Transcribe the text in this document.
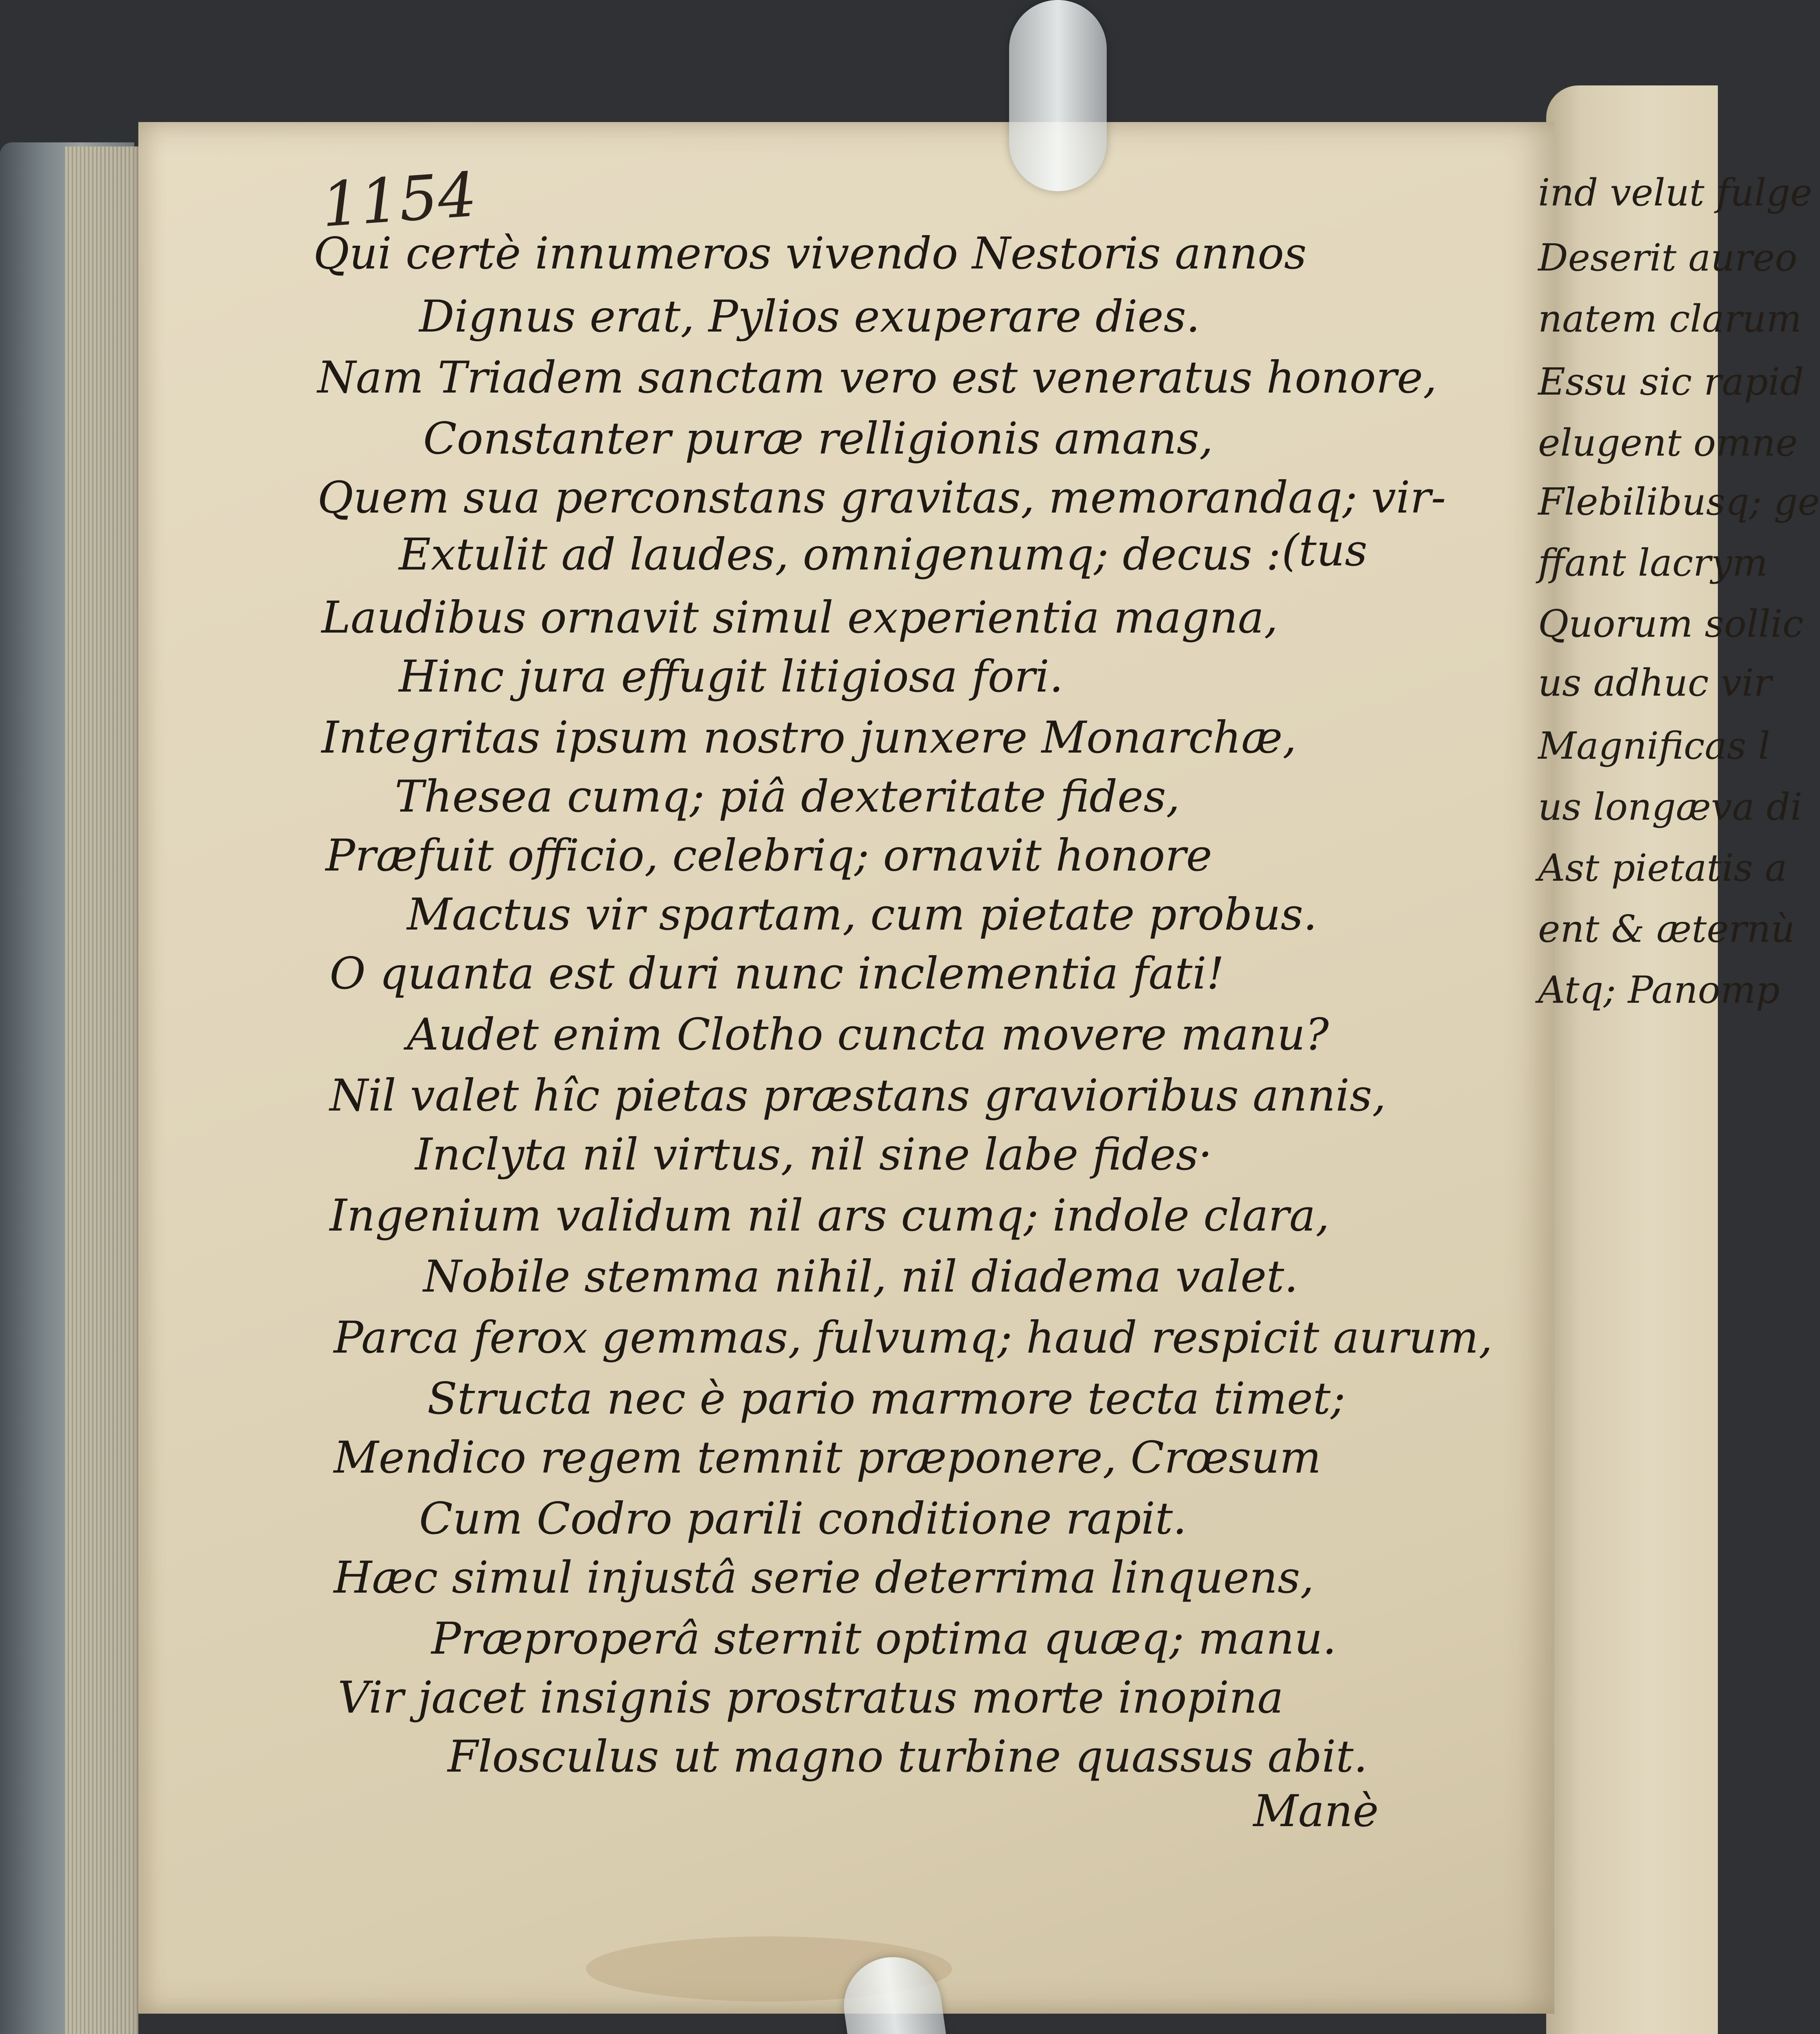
1154
Qui certè innumeros vivendo Nestoris annos
Dignus erat, Pylios exuperare dies.
Nam Triadem sanctam vero est veneratus honore,
Constanter puræ relligionis amans,
Quem sua perconstans gravitas, memorandaq; vir-
Extulit ad laudes, omnigenumq; decus : (tus
Laudibus ornavit simul experientia magna,
Hinc jura effugit litigiosa fori.
Integritas ipsum nostro junxere Monarchæ,
Thesea cumq; piâ dexteritate fides,
Præfuit officio, celebriq; ornavit honore
Mactus vir spartam, cum pietate probus.
O quanta est duri nunc inclementia fati!
Audet enim Clotho cuncta movere manu?
Nil valet hîc pietas præstans gravioribus annis,
Inclyta nil virtus, nil sine labe fides·
Ingenium validum nil ars cumq; indole clara,
Nobile stemma nihil, nil diadema valet.
Parca ferox gemmas, fulvumq; haud respicit aurum,
Structa nec è pario marmore tecta timet;
Mendico regem temnit præponere, Crœsum
Cum Codro parili conditione rapit.
Hæc simul injustâ serie deterrima linquens,
Præproperâ sternit optima quæq; manu.
Vir jacet insignis prostratus morte inopina
Flosculus ut magno turbine quassus abit.
Manè
ind velut fulge
Deserit aureo
natem clarum
Essu sic rapid
elugent omne
Flebilibusq; ge
ffant lacrym
Quorum sollic
us adhuc vir
Magnificas l
us longæva di
Ast pietatis a
ent & æternù
Atq; Panomp
